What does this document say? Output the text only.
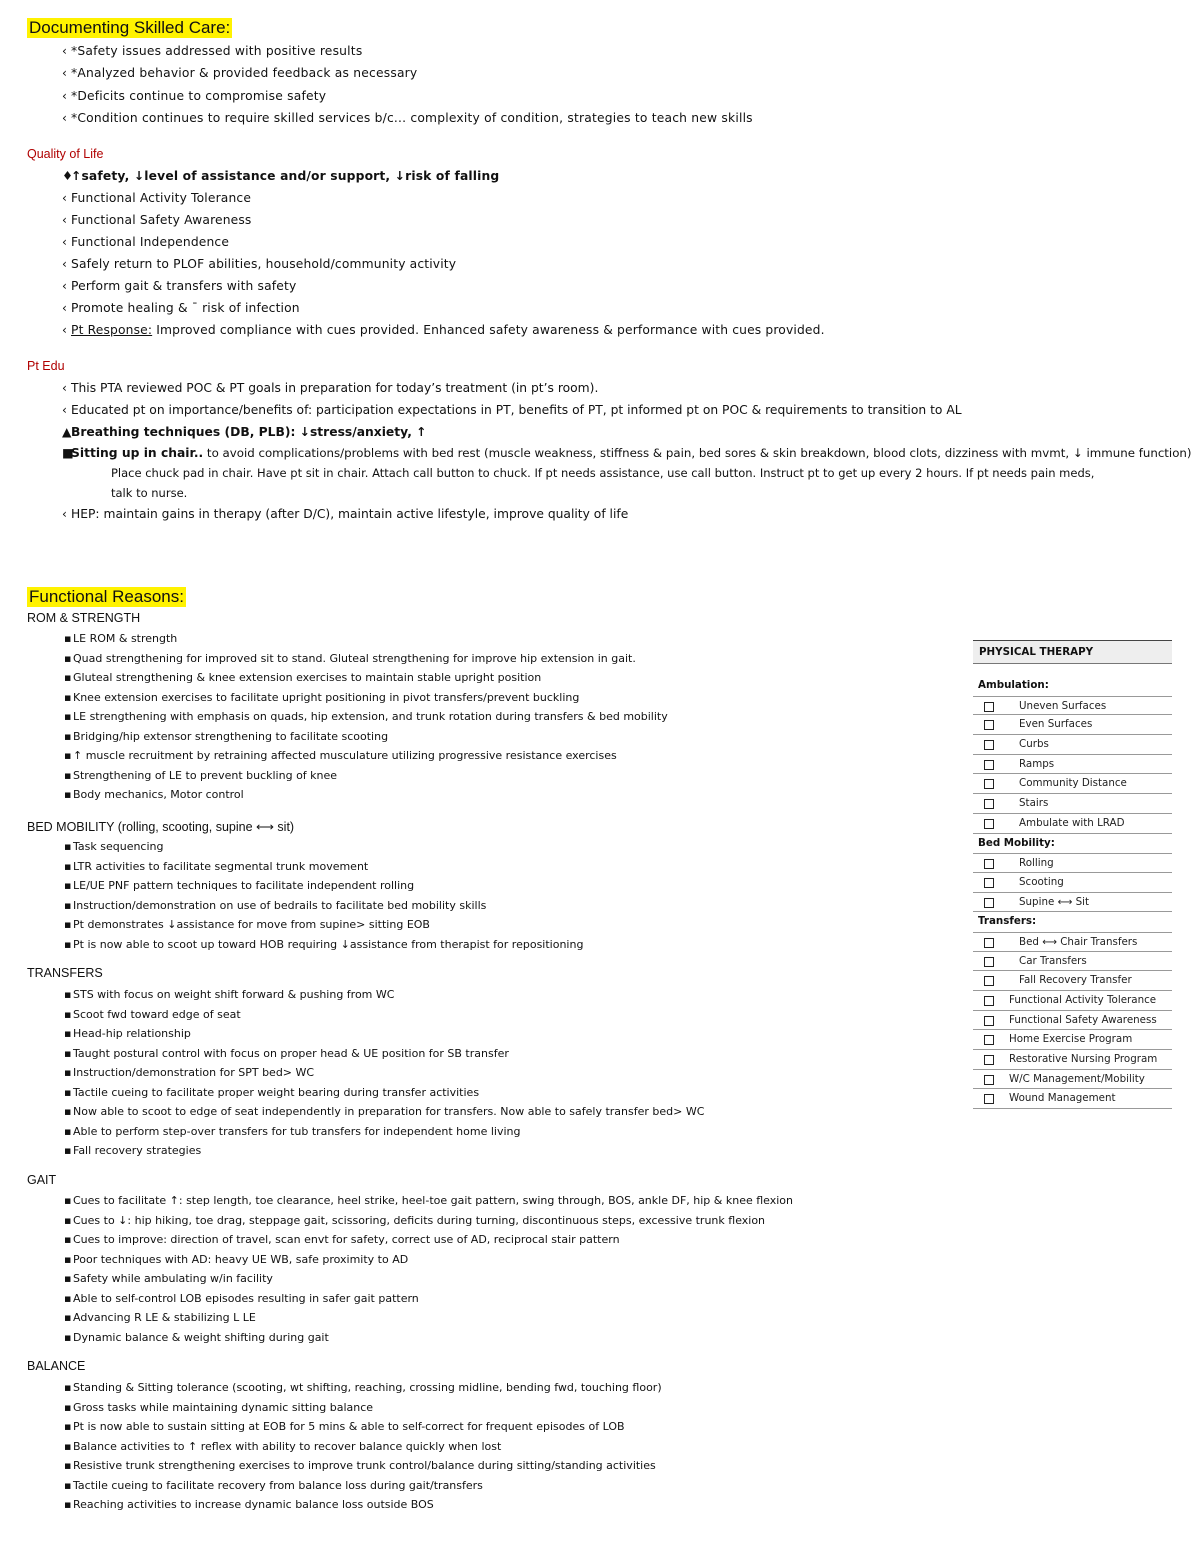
Documenting Skilled Care:
‹ *Safety issues addressed with positive results
‹ *Analyzed behavior & provided feedback as necessary
‹ *Deficits continue to compromise safety
‹ *Condition continues to require skilled services b/c... complexity of condition, strategies to teach new skills
Quality of Life
♦↑safety, ↓level of assistance and/or support, ↓risk of falling
‹ Functional Activity Tolerance
‹ Functional Safety Awareness
‹ Functional Independence
‹ Safely return to PLOF abilities, household/community activity
‹ Perform gait & transfers with safety
‹ Promote healing & ¯ risk of infection
‹ Pt Response: Improved compliance with cues provided. Enhanced safety awareness & performance with cues provided.
Pt Edu
‹ This PTA reviewed POC & PT goals in preparation for today’s treatment (in pt’s room).
‹ Educated pt on importance/benefits of: participation expectations in PT, benefits of PT, pt informed pt on POC & requirements to transition to AL
▲Breathing techniques (DB, PLB): ↓stress/anxiety, ↑
■Sitting up in chair.. to avoid complications/problems with bed rest (muscle weakness, stiffness & pain, bed sores & skin breakdown, blood clots, dizziness with mvmt, ↓ immune function)
Place chuck pad in chair. Have pt sit in chair. Attach call button to chuck. If pt needs assistance, use call button. Instruct pt to get up every 2 hours. If pt needs pain meds, talk to nurse.
‹ HEP: maintain gains in therapy (after D/C), maintain active lifestyle, improve quality of life
Functional Reasons:
ROM & STRENGTH
▪ LE ROM & strength
▪ Quad strengthening for improved sit to stand. Gluteal strengthening for improve hip extension in gait.
▪ Gluteal strengthening & knee extension exercises to maintain stable upright position
▪ Knee extension exercises to facilitate upright positioning in pivot transfers/prevent buckling
▪ LE strengthening with emphasis on quads, hip extension, and trunk rotation during transfers & bed mobility
▪ Bridging/hip extensor strengthening to facilitate scooting
▪ ↑ muscle recruitment by retraining affected musculature utilizing progressive resistance exercises
▪ Strengthening of LE to prevent buckling of knee
▪ Body mechanics, Motor control
BED MOBILITY (rolling, scooting, supine ⟷ sit)
▪ Task sequencing
▪ LTR activities to facilitate segmental trunk movement
▪ LE/UE PNF pattern techniques to facilitate independent rolling
▪ Instruction/demonstration on use of bedrails to facilitate bed mobility skills
▪ Pt demonstrates ↓assistance for move from supine> sitting EOB
▪ Pt is now able to scoot up toward HOB requiring ↓assistance from therapist for repositioning
TRANSFERS
▪ STS with focus on weight shift forward & pushing from WC
▪ Scoot fwd toward edge of seat
▪ Head-hip relationship
▪ Taught postural control with focus on proper head & UE position for SB transfer
▪ Instruction/demonstration for SPT bed> WC
▪ Tactile cueing to facilitate proper weight bearing during transfer activities
▪ Now able to scoot to edge of seat independently in preparation for transfers. Now able to safely transfer bed> WC
▪ Able to perform step-over transfers for tub transfers for independent home living
▪ Fall recovery strategies
GAIT
▪ Cues to facilitate ↑: step length, toe clearance, heel strike, heel-toe gait pattern, swing through, BOS, ankle DF, hip & knee flexion
▪ Cues to ↓: hip hiking, toe drag, steppage gait, scissoring, deficits during turning, discontinuous steps, excessive trunk flexion
▪ Cues to improve: direction of travel, scan envt for safety, correct use of AD, reciprocal stair pattern
▪ Poor techniques with AD: heavy UE WB, safe proximity to AD
▪ Safety while ambulating w/in facility
▪ Able to self-control LOB episodes resulting in safer gait pattern
▪ Advancing R LE & stabilizing L LE
▪ Dynamic balance & weight shifting during gait
BALANCE
▪ Standing & Sitting tolerance (scooting, wt shifting, reaching, crossing midline, bending fwd, touching floor)
▪ Gross tasks while maintaining dynamic sitting balance
▪ Pt is now able to sustain sitting at EOB for 5 mins & able to self-correct for frequent episodes of LOB
▪ Balance activities to ↑ reflex with ability to recover balance quickly when lost
▪ Resistive trunk strengthening exercises to improve trunk control/balance during sitting/standing activities
▪ Tactile cueing to facilitate recovery from balance loss during gait/transfers
▪ Reaching activities to increase dynamic balance loss outside BOS
PHYSICAL THERAPY
Ambulation:
Uneven Surfaces
Even Surfaces
Curbs
Ramps
Community Distance
Stairs
Ambulate with LRAD
Bed Mobility:
Rolling
Scooting
Supine ⟷ Sit
Transfers:
Bed ⟷ Chair Transfers
Car Transfers
Fall Recovery Transfer
Functional Activity Tolerance
Functional Safety Awareness
Home Exercise Program
Restorative Nursing Program
W/C Management/Mobility
Wound Management
